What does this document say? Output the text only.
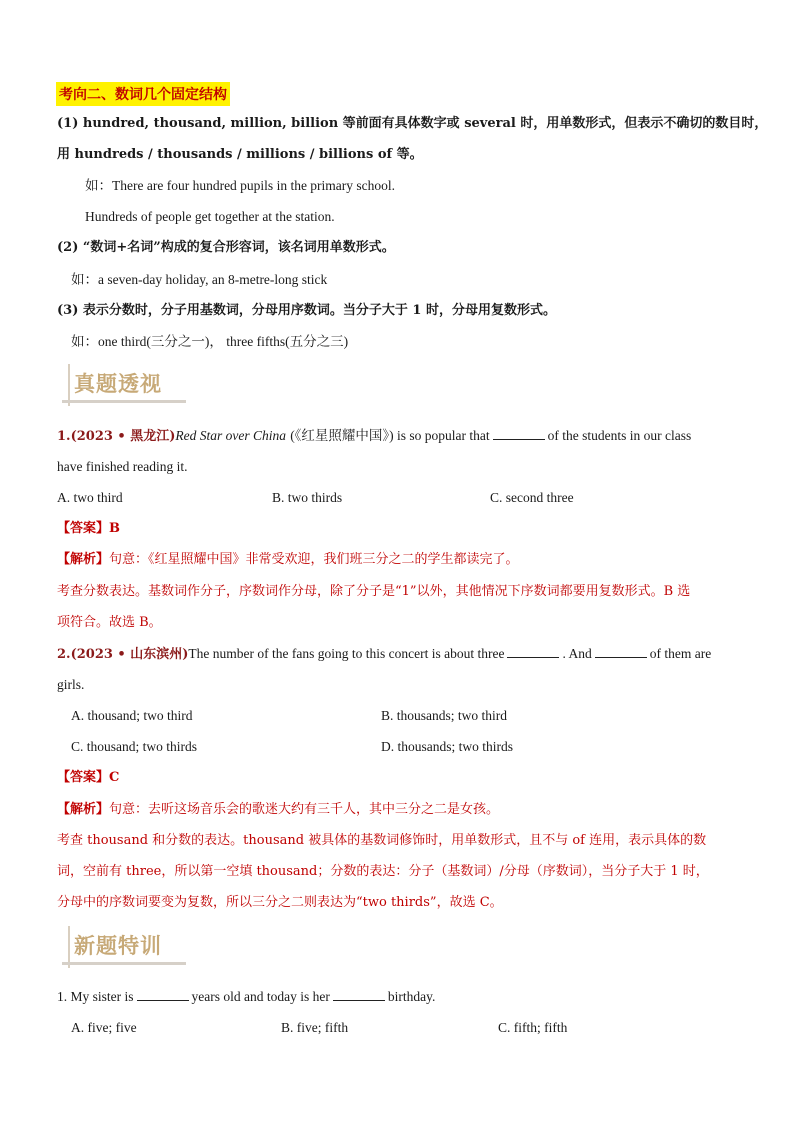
考向二、数词几个固定结构
(1) hundred, thousand, million, billion 等前面有具体数字或 several 时，用单数形式，但表示不确切的数目时，
用 hundreds / thousands / millions / billions of 等。
如：There are four hundred pupils in the primary school.
Hundreds of people get together at the station.
(2) “数词+名词”构成的复合形容词，该名词用单数形式。
如：a seven-day holiday, an 8-metre-long stick
(3) 表示分数时，分子用基数词，分母用序数词。当分子大于 1 时，分母用复数形式。
如：one third(三分之一)， three fifths(五分之三)
真题透视
1.(2023 • 黑龙江)Red Star over China (《红星照耀中国》) is so popular that	of the students in our class
have finished reading it.
A. two third	B. two thirds	C. second three
【答案】B
【解析】句意：《红星照耀中国》非常受欢迎，我们班三分之二的学生都读完了。
考查分数表达。基数词作分子，序数词作分母，除了分子是“1”以外，其他情况下序数词都要用复数形式。B 选
项符合。故选 B。
2.(2023 • 山东滨州)The number of the fans going to this concert is about three	. And	of them are
girls.
A. thousand; two third	B. thousands; two third
C. thousand; two thirds	D. thousands; two thirds
【答案】C
【解析】句意：去听这场音乐会的歌迷大约有三千人，其中三分之二是女孩。
考查 thousand 和分数的表达。thousand 被具体的基数词修饰时，用单数形式，且不与 of 连用，表示具体的数
词，空前有 three，所以第一空填 thousand；分数的表达：分子（基数词）/分母（序数词），当分子大于 1 时，
分母中的序数词要变为复数，所以三分之二则表达为“two thirds”，故选 C。
新题特训
1. My sister is	years old and today is her	birthday.
A. five; five	B. five; fifth	C. fifth; fifth
